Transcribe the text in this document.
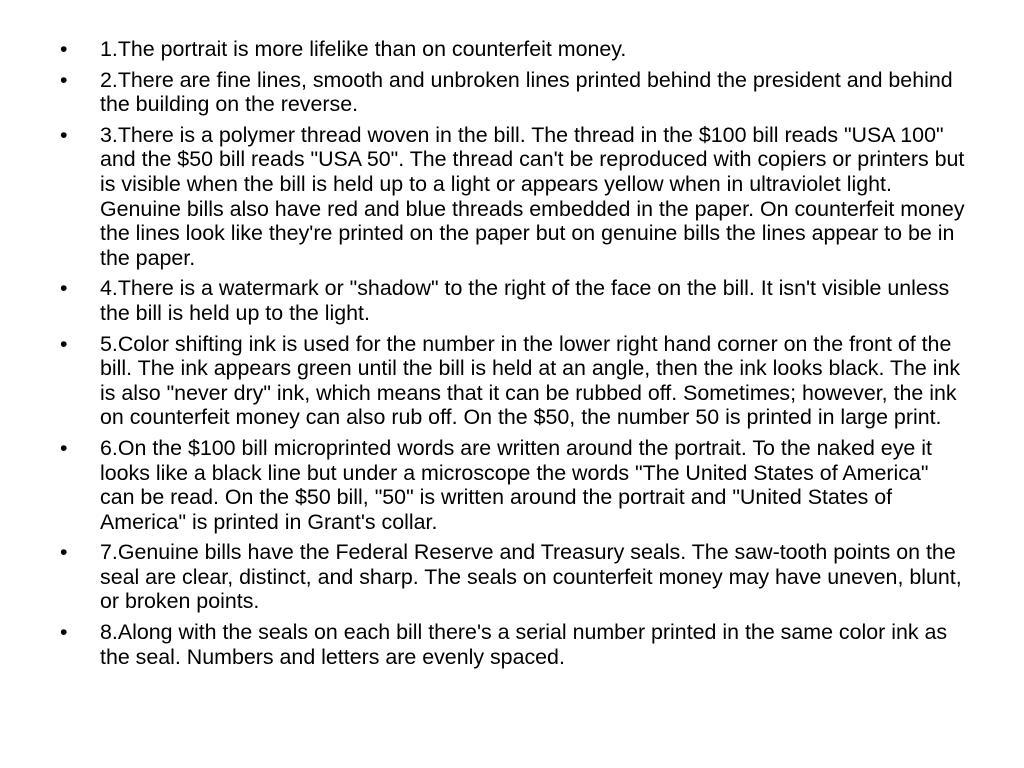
•	1.The portrait is more lifelike than on counterfeit money.
•	2.There are fine lines, smooth and unbroken lines printed behind the president and behind the building on the reverse.
•	3.There is a polymer thread woven in the bill. The thread in the $100 bill reads "USA 100" and the $50 bill reads "USA 50". The thread can't be reproduced with copiers or printers but is visible when the bill is held up to a light or appears yellow when in ultraviolet light. Genuine bills also have red and blue threads embedded in the paper. On counterfeit money the lines look like they're printed on the paper but on genuine bills the lines appear to be in the paper.
•	4.There is a watermark or "shadow" to the right of the face on the bill. It isn't visible unless the bill is held up to the light.
•	5.Color shifting ink is used for the number in the lower right hand corner on the front of the bill. The ink appears green until the bill is held at an angle, then the ink looks black. The ink is also "never dry" ink, which means that it can be rubbed off. Sometimes; however, the ink on counterfeit money can also rub off. On the $50, the number 50 is printed in large print.
•	6.On the $100 bill microprinted words are written around the portrait. To the naked eye it looks like a black line but under a microscope the words "The United States of America" can be read. On the $50 bill, "50" is written around the portrait and "United States of America" is printed in Grant's collar.
•	7.Genuine bills have the Federal Reserve and Treasury seals. The saw-tooth points on the seal are clear, distinct, and sharp. The seals on counterfeit money may have uneven, blunt, or broken points.
•	8.Along with the seals on each bill there's a serial number printed in the same color ink as the seal. Numbers and letters are evenly spaced.
